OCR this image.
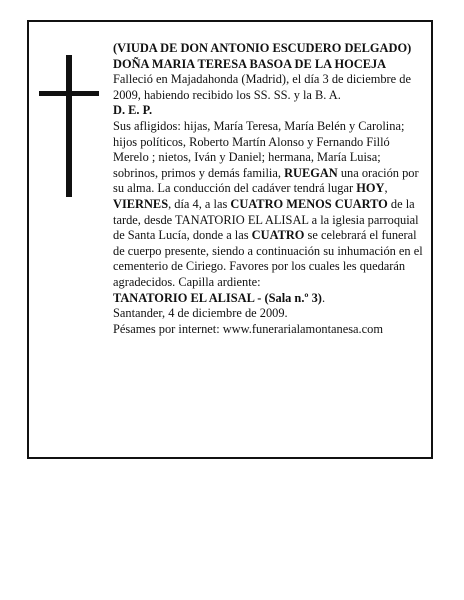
(VIUDA DE DON ANTONIO ESCUDERO DELGADO)

DOÑA MARIA TERESA BASOA DE LA HOCEJA

Falleció en Majadahonda (Madrid), el día 3 de diciembre de 2009, habiendo recibido los SS. SS. y la B. A.

D. E. P.

Sus afligidos: hijas, María Teresa, María Belén y Carolina; hijos políticos, Roberto Martín Alonso y Fernando Filló Merelo ; nietos, Iván y Daniel; hermana, María Luisa; sobrinos, primos y demás familia, RUEGAN una oración por su alma. La conducción del cadáver tendrá lugar HOY, VIERNES, día 4, a las CUATRO MENOS CUARTO de la tarde, desde TANATORIO EL ALISAL a la iglesia parroquial de Santa Lucía, donde a las CUATRO se celebrará el funeral de cuerpo presente, siendo a continuación su inhumación en el cementerio de Ciriego. Favores por los cuales les quedarán agradecidos. Capilla ardiente:

TANATORIO EL ALISAL - (Sala n.º 3).

Santander, 4 de diciembre de 2009.

Pésames por internet: www.funerarialamontanesa.com
